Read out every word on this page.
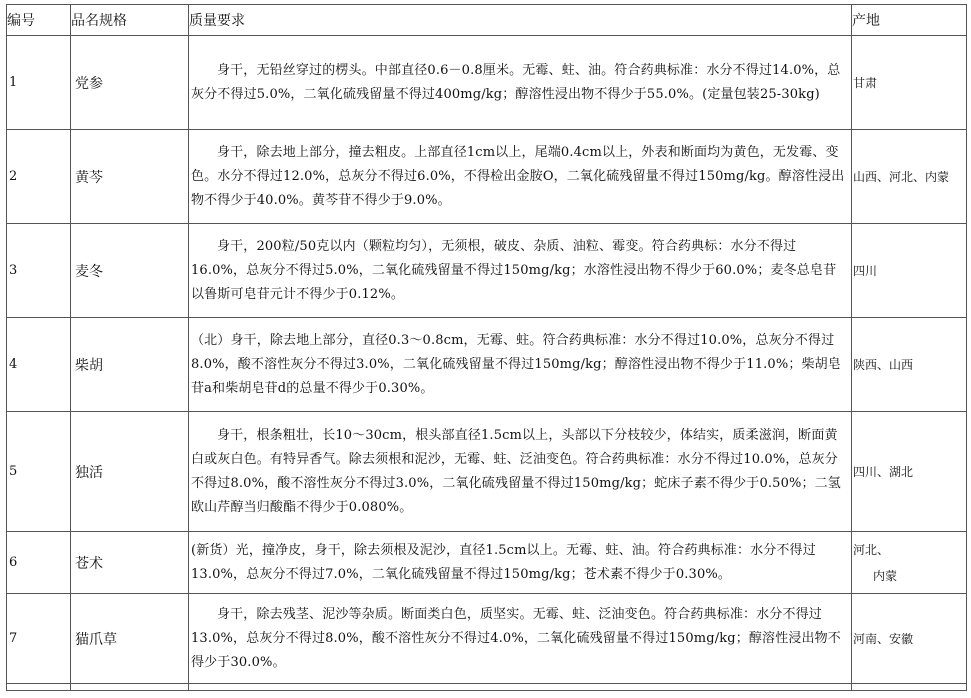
编号	品名规格	质量要求	产地
1	党参	身干，无铅丝穿过的楞头。中部直径0.6－0.8厘米。无霉、蛀、油。符合药典标准：水分不得过14.0%，总灰分不得过5.0%，二氧化硫残留量不得过400mg/kg；醇溶性浸出物不得少于55.0%。(定量包装25-30kg)	甘肃

2	黄芩	身干，除去地上部分，撞去粗皮。上部直径1cm以上，尾端0.4cm以上，外表和断面均为黄色，无发霉、变色。水分不得过12.0%，总灰分不得过6.0%，不得检出金胺O，二氧化硫残留量不得过150mg/kg。醇溶性浸出物不得少于40.0%。黄芩苷不得少于9.0%。	山西、河北、内蒙

3	麦冬	身干，200粒/50克以内（颗粒均匀），无须根，破皮、杂质、油粒、霉变。符合药典标：水分不得过16.0%，总灰分不得过5.0%，二氧化硫残留量不得过150mg/kg；水溶性浸出物不得少于60.0%；麦冬总皂苷以鲁斯可皂苷元计不得少于0.12%。	四川

4	柴胡	（北）身干，除去地上部分，直径0.3～0.8cm，无霉、蛀。符合药典标准：水分不得过10.0%，总灰分不得过8.0%，酸不溶性灰分不得过3.0%，二氧化硫残留量不得过150mg/kg；醇溶性浸出物不得少于11.0%；柴胡皂苷a和柴胡皂苷d的总量不得少于0.30%。	陕西、山西

5	独活	身干，根条粗壮，长10～30cm，根头部直径1.5cm以上，头部以下分枝较少，体结实，质柔滋润，断面黄白或灰白色。有特异香气。除去须根和泥沙，无霉、蛀、泛油变色。符合药典标准：水分不得过10.0%，总灰分不得过8.0%，酸不溶性灰分不得过3.0%，二氧化硫残留量不得过150mg/kg；蛇床子素不得少于0.50%；二氢欧山芹醇当归酸酯不得少于0.080%。	四川、湖北

6	苍术	(新货）光，撞净皮，身干，除去须根及泥沙，直径1.5cm以上。无霉、蛀、油。符合药典标准：水分不得过13.0%，总灰分不得过7.0%，二氧化硫残留量不得过150mg/kg；苍术素不得少于0.30%。	河北、
内蒙

7	猫爪草	身干，除去残茎、泥沙等杂质。断面类白色，质坚实。无霉、蛀、泛油变色。符合药典标准：水分不得过13.0%，总灰分不得过8.0%，酸不溶性灰分不得过4.0%，二氧化硫残留量不得过150mg/kg；醇溶性浸出物不得少于30.0%。	河南、安徽
